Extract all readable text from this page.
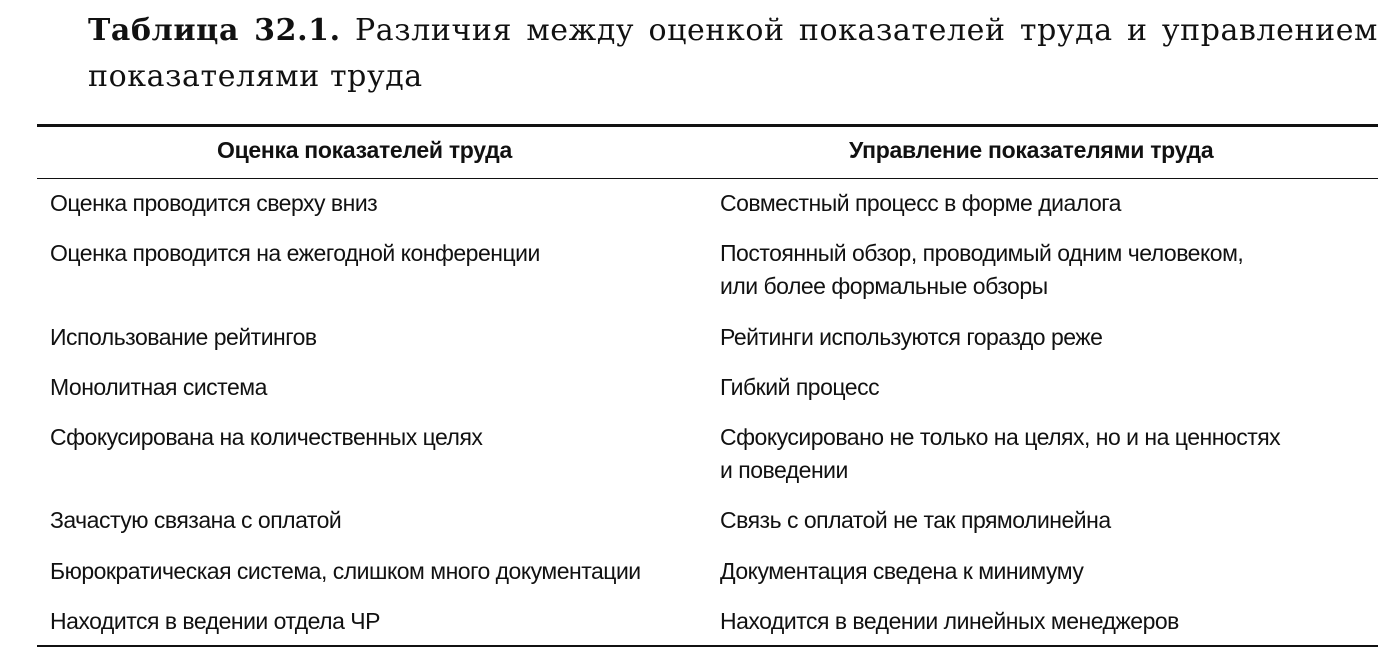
Таблица 32.1. Различия между оценкой показателей труда и управлением показателями труда

Оценка показателей труда	Управление показателями труда
Оценка проводится сверху вниз	Совместный процесс в форме диалога
Оценка проводится на ежегодной конференции	Постоянный обзор, проводимый одним человеком,
или более формальные обзоры
Использование рейтингов	Рейтинги используются гораздо реже
Монолитная система	Гибкий процесс
Сфокусирована на количественных целях	Сфокусировано не только на целях, но и на ценностях
и поведении
Зачастую связана с оплатой	Связь с оплатой не так прямолинейна
Бюрократическая система, слишком много документации	Документация сведена к минимуму
Находится в ведении отдела ЧР	Находится в ведении линейных менеджеров
